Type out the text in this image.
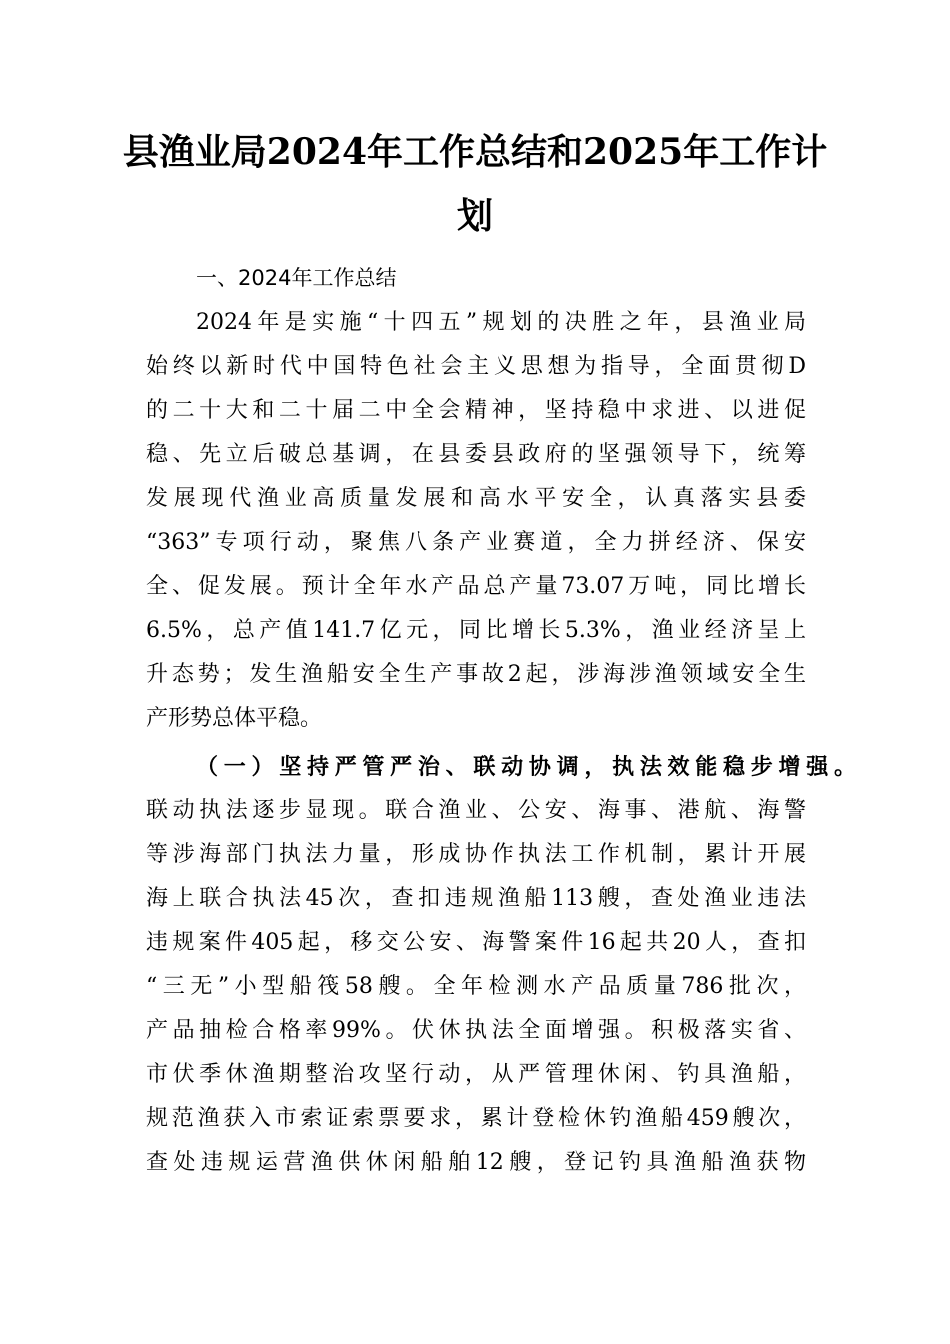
县渔业局2024年工作总结和2025年工作计
划
一、2024年工作总结
2024年是实施“十四五”规划的决胜之年，县渔业局
始终以新时代中国特色社会主义思想为指导，全面贯彻D
的二十大和二十届二中全会精神，坚持稳中求进、以进促
稳、先立后破总基调，在县委县政府的坚强领导下，统筹
发展现代渔业高质量发展和高水平安全，认真落实县委
“363”专项行动，聚焦八条产业赛道，全力拼经济、保安
全、促发展。预计全年水产品总产量73.07万吨，同比增长
6.5%，总产值141.7亿元，同比增长5.3%，渔业经济呈上
升态势；发生渔船安全生产事故2起，涉海涉渔领域安全生
产形势总体平稳。
（一）坚持严管严治、联动协调，执法效能稳步增强。
联动执法逐步显现。联合渔业、公安、海事、港航、海警
等涉海部门执法力量，形成协作执法工作机制，累计开展
海上联合执法45次，查扣违规渔船113艘，查处渔业违法
违规案件405起，移交公安、海警案件16起共20人，查扣
“三无”小型船筏58艘。全年检测水产品质量786批次，
产品抽检合格率99%。伏休执法全面增强。积极落实省、
市伏季休渔期整治攻坚行动，从严管理休闲、钓具渔船，
规范渔获入市索证索票要求，累计登检休钓渔船459艘次，
查处违规运营渔供休闲船舶12艘，登记钓具渔船渔获物
